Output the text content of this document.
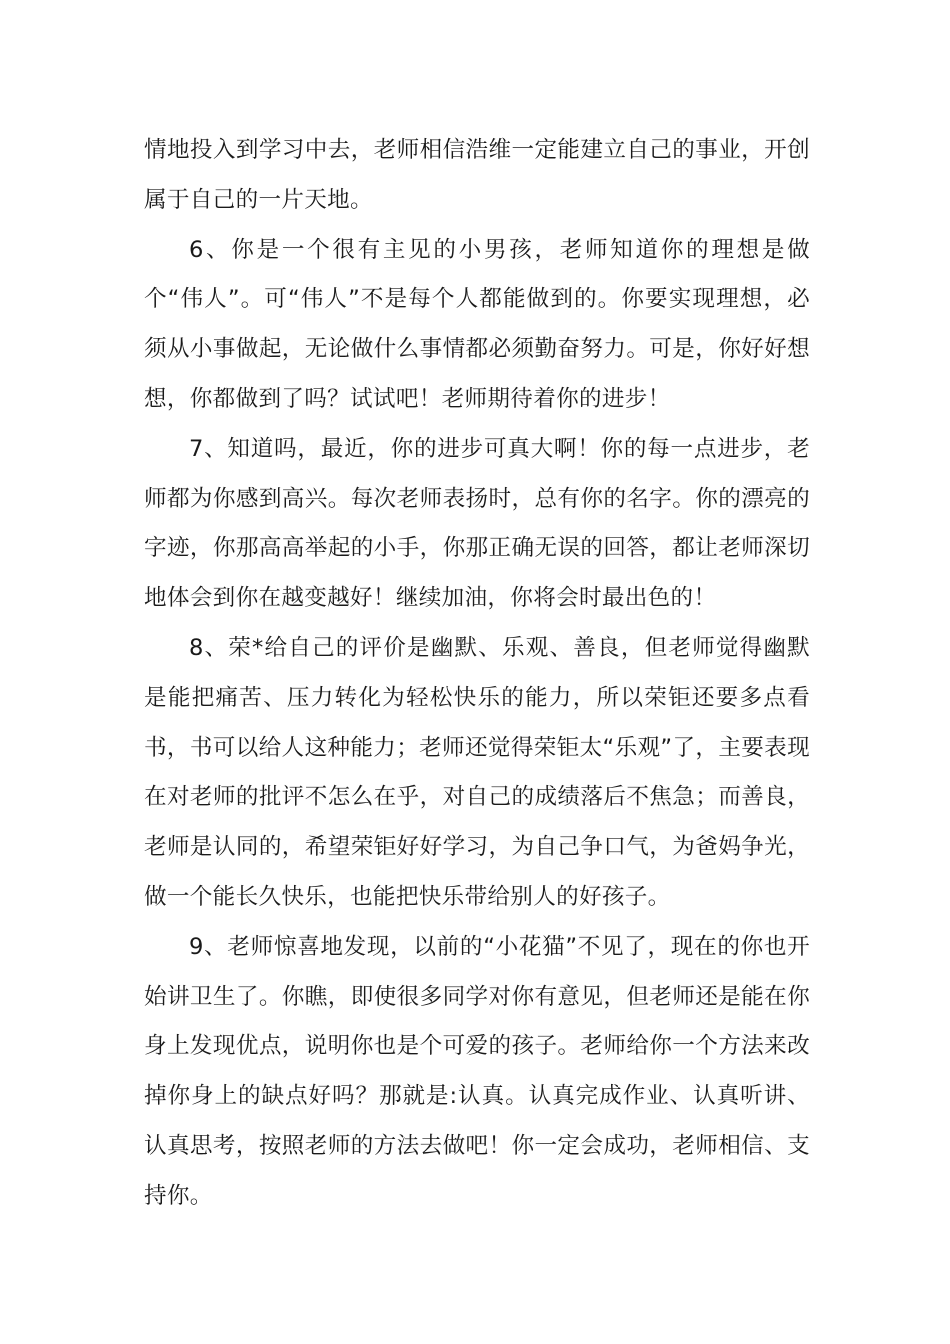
情地投入到学习中去，老师相信浩维一定能建立自己的事业，开创属于自己的一片天地。

6、你是一个很有主见的小男孩，老师知道你的理想是做个“伟人”。可“伟人”不是每个人都能做到的。你要实现理想，必须从小事做起，无论做什么事情都必须勤奋努力。可是，你好好想想，你都做到了吗？试试吧！老师期待着你的进步！

7、知道吗，最近，你的进步可真大啊！你的每一点进步，老师都为你感到高兴。每次老师表扬时，总有你的名字。你的漂亮的字迹，你那高高举起的小手，你那正确无误的回答，都让老师深切地体会到你在越变越好！继续加油，你将会时最出色的！

8、荣*给自己的评价是幽默、乐观、善良，但老师觉得幽默是能把痛苦、压力转化为轻松快乐的能力，所以荣钜还要多点看书，书可以给人这种能力；老师还觉得荣钜太“乐观”了，主要表现在对老师的批评不怎么在乎，对自己的成绩落后不焦急；而善良，老师是认同的，希望荣钜好好学习，为自己争口气，为爸妈争光，做一个能长久快乐，也能把快乐带给别人的好孩子。

9、老师惊喜地发现，以前的“小花猫”不见了，现在的你也开始讲卫生了。你瞧，即使很多同学对你有意见，但老师还是能在你身上发现优点，说明你也是个可爱的孩子。老师给你一个方法来改掉你身上的缺点好吗？那就是:认真。认真完成作业、认真听讲、认真思考，按照老师的方法去做吧！你一定会成功，老师相信、支持你。
